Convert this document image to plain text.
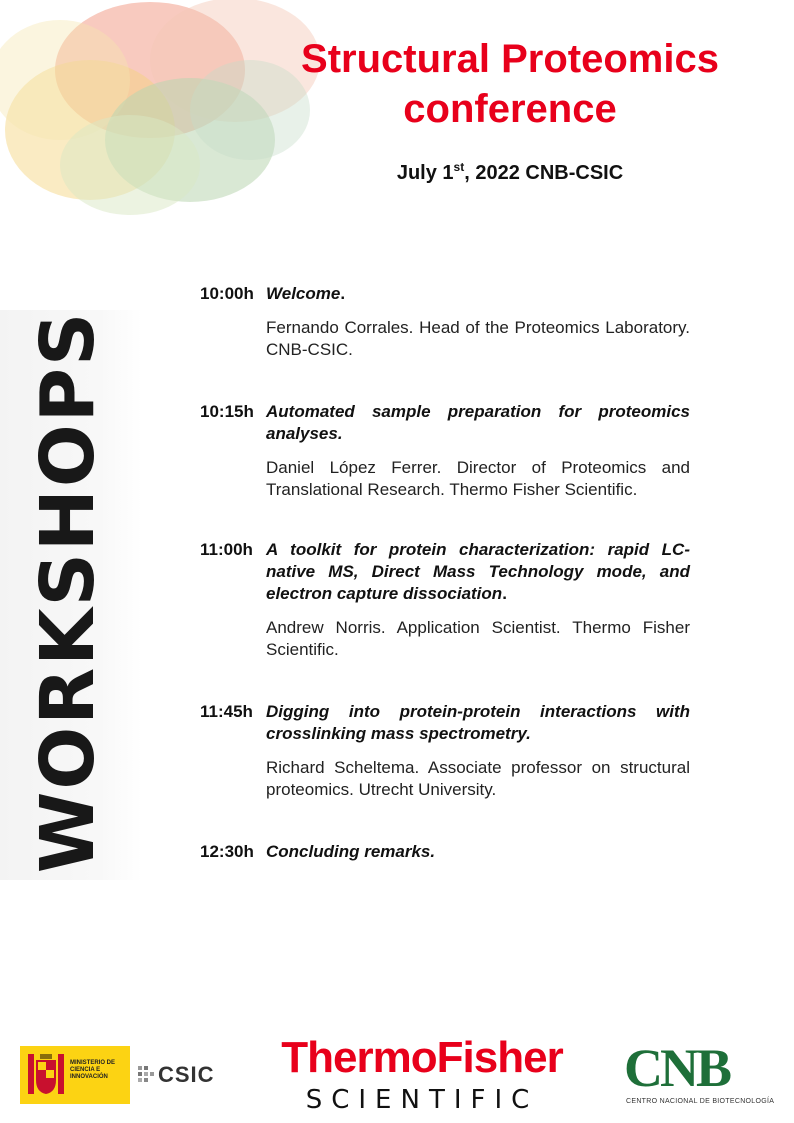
Structural Proteomics
conference
July 1st, 2022 CNB-CSIC
WORKSHOPS
10:00h Welcome.
Fernando Corrales. Head of the Proteomics Laboratory. CNB-CSIC.
10:15h Automated sample preparation for proteomics analyses.
Daniel López Ferrer. Director of Proteomics and Translational Research. Thermo Fisher Scientific.
11:00h A toolkit for protein characterization: rapid LC-native MS, Direct Mass Technology mode, and electron capture dissociation.
Andrew Norris. Application Scientist. Thermo Fisher Scientific.
11:45h Digging into protein-protein interactions with crosslinking mass spectrometry.
Richard Scheltema. Associate professor on structural proteomics. Utrecht University.
12:30h Concluding remarks.
MINISTERIO DE CIENCIA E INNOVACIÓN	CSIC	ThermoFisher
SCIENTIFIC
CNB
CENTRO NACIONAL DE BIOTECNOLOGÍA
